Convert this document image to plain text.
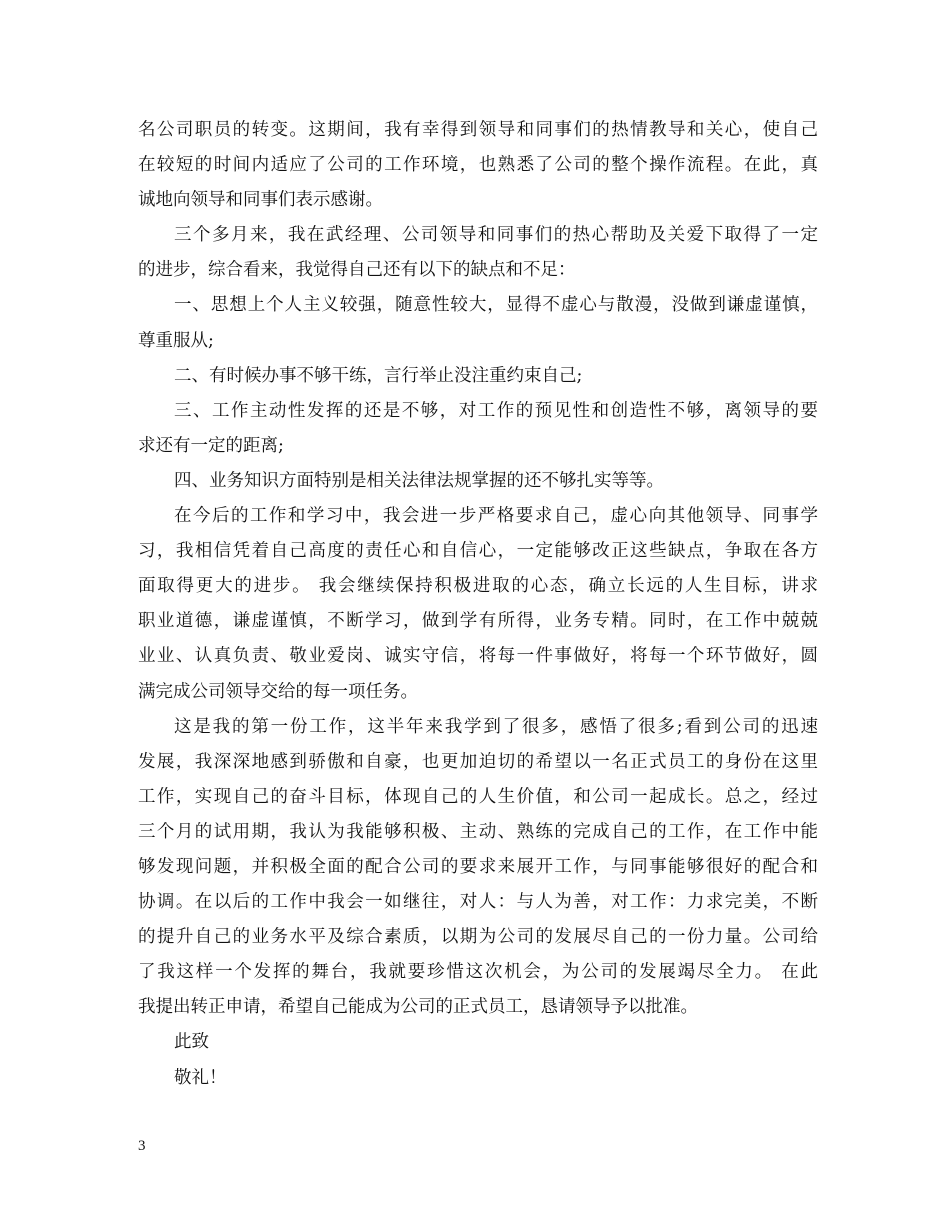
名公司职员的转变。这期间，我有幸得到领导和同事们的热情教导和关心，使自己
在较短的时间内适应了公司的工作环境，也熟悉了公司的整个操作流程。在此，真
诚地向领导和同事们表示感谢。
三个多月来，我在武经理、公司领导和同事们的热心帮助及关爱下取得了一定
的进步，综合看来，我觉得自己还有以下的缺点和不足：
一、思想上个人主义较强，随意性较大，显得不虚心与散漫，没做到谦虚谨慎，
尊重服从;
二、有时候办事不够干练，言行举止没注重约束自己;
三、工作主动性发挥的还是不够，对工作的预见性和创造性不够，离领导的要
求还有一定的距离;
四、业务知识方面特别是相关法律法规掌握的还不够扎实等等。
在今后的工作和学习中，我会进一步严格要求自己，虚心向其他领导、同事学
习，我相信凭着自己高度的责任心和自信心，一定能够改正这些缺点，争取在各方
面取得更大的进步。 我会继续保持积极进取的心态，确立长远的人生目标，讲求
职业道德，谦虚谨慎，不断学习，做到学有所得，业务专精。同时，在工作中兢兢
业业、认真负责、敬业爱岗、诚实守信，将每一件事做好，将每一个环节做好，圆
满完成公司领导交给的每一项任务。
这是我的第一份工作，这半年来我学到了很多，感悟了很多;看到公司的迅速
发展，我深深地感到骄傲和自豪，也更加迫切的希望以一名正式员工的身份在这里
工作，实现自己的奋斗目标，体现自己的人生价值，和公司一起成长。总之，经过
三个月的试用期，我认为我能够积极、主动、熟练的完成自己的工作，在工作中能
够发现问题，并积极全面的配合公司的要求来展开工作，与同事能够很好的配合和
协调。在以后的工作中我会一如继往，对人：与人为善，对工作：力求完美，不断
的提升自己的业务水平及综合素质，以期为公司的发展尽自己的一份力量。公司给
了我这样一个发挥的舞台，我就要珍惜这次机会，为公司的发展竭尽全力。 在此
我提出转正申请，希望自己能成为公司的正式员工，恳请领导予以批准。
此致
敬礼！
3
